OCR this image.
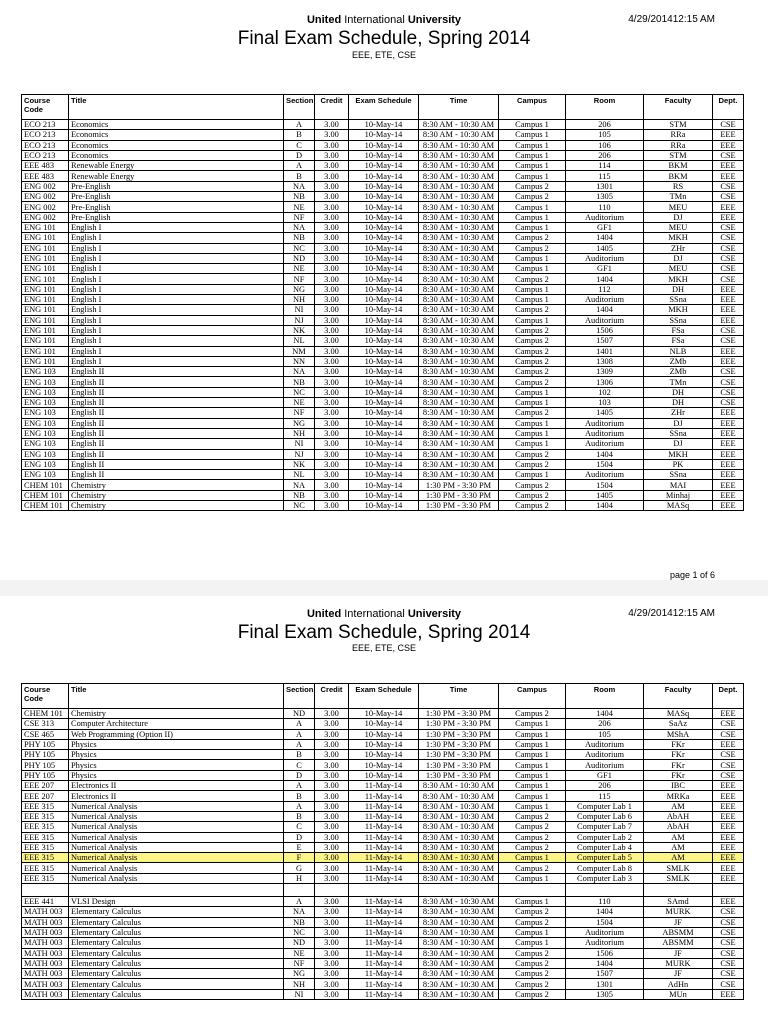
United International University	4/29/201412:15 AM
Final Exam Schedule, Spring 2014
EEE, ETE, CSE
Course Code	Title	Section	Credit	Exam Schedule	Time	Campus	Room	Faculty	Dept.
ECO 213	Economics	A	3.00	10-May-14	8:30 AM - 10:30 AM	Campus 1	206	STM	CSE
ECO 213	Economics	B	3.00	10-May-14	8:30 AM - 10:30 AM	Campus 1	105	RRa	EEE
ECO 213	Economics	C	3.00	10-May-14	8:30 AM - 10:30 AM	Campus 1	106	RRa	EEE
ECO 213	Economics	D	3.00	10-May-14	8:30 AM - 10:30 AM	Campus 1	206	STM	CSE
EEE 483	Renewable Energy	A	3.00	10-May-14	8:30 AM - 10:30 AM	Campus 1	114	BKM	EEE
EEE 483	Renewable Energy	B	3.00	10-May-14	8:30 AM - 10:30 AM	Campus 1	115	BKM	EEE
ENG 002	Pre-English	NA	3.00	10-May-14	8:30 AM - 10:30 AM	Campus 2	1301	RS	CSE
ENG 002	Pre-English	NB	3.00	10-May-14	8:30 AM - 10:30 AM	Campus 2	1305	TMn	CSE
ENG 002	Pre-English	NE	3.00	10-May-14	8:30 AM - 10:30 AM	Campus 1	110	MEU	EEE
ENG 002	Pre-English	NF	3.00	10-May-14	8:30 AM - 10:30 AM	Campus 1	Auditorium	DJ	EEE
ENG 101	English I	NA	3.00	10-May-14	8:30 AM - 10:30 AM	Campus 1	GF1	MEU	CSE
ENG 101	English I	NB	3.00	10-May-14	8:30 AM - 10:30 AM	Campus 2	1404	MKH	CSE
ENG 101	English I	NC	3.00	10-May-14	8:30 AM - 10:30 AM	Campus 2	1405	ZHr	CSE
ENG 101	English I	ND	3.00	10-May-14	8:30 AM - 10:30 AM	Campus 1	Auditorium	DJ	CSE
ENG 101	English I	NE	3.00	10-May-14	8:30 AM - 10:30 AM	Campus 1	GF1	MEU	CSE
ENG 101	English I	NF	3.00	10-May-14	8:30 AM - 10:30 AM	Campus 2	1404	MKH	CSE
ENG 101	English I	NG	3.00	10-May-14	8:30 AM - 10:30 AM	Campus 1	112	DH	EEE
ENG 101	English I	NH	3.00	10-May-14	8:30 AM - 10:30 AM	Campus 1	Auditorium	SSna	EEE
ENG 101	English I	NI	3.00	10-May-14	8:30 AM - 10:30 AM	Campus 2	1404	MKH	EEE
ENG 101	English I	NJ	3.00	10-May-14	8:30 AM - 10:30 AM	Campus 1	Auditorium	SSna	EEE
ENG 101	English I	NK	3.00	10-May-14	8:30 AM - 10:30 AM	Campus 2	1506	FSa	CSE
ENG 101	English I	NL	3.00	10-May-14	8:30 AM - 10:30 AM	Campus 2	1507	FSa	CSE
ENG 101	English I	NM	3.00	10-May-14	8:30 AM - 10:30 AM	Campus 2	1401	NLB	EEE
ENG 101	English I	NN	3.00	10-May-14	8:30 AM - 10:30 AM	Campus 2	1308	ZMb	EEE
ENG 103	English II	NA	3.00	10-May-14	8:30 AM - 10:30 AM	Campus 2	1309	ZMb	CSE
ENG 103	English II	NB	3.00	10-May-14	8:30 AM - 10:30 AM	Campus 2	1306	TMn	CSE
ENG 103	English II	NC	3.00	10-May-14	8:30 AM - 10:30 AM	Campus 1	102	DH	CSE
ENG 103	English II	NE	3.00	10-May-14	8:30 AM - 10:30 AM	Campus 1	103	DH	CSE
ENG 103	English II	NF	3.00	10-May-14	8:30 AM - 10:30 AM	Campus 2	1405	ZHr	EEE
ENG 103	English II	NG	3.00	10-May-14	8:30 AM - 10:30 AM	Campus 1	Auditorium	DJ	EEE
ENG 103	English II	NH	3.00	10-May-14	8:30 AM - 10:30 AM	Campus 1	Auditorium	SSna	EEE
ENG 103	English II	NI	3.00	10-May-14	8:30 AM - 10:30 AM	Campus 1	Auditorium	DJ	EEE
ENG 103	English II	NJ	3.00	10-May-14	8:30 AM - 10:30 AM	Campus 2	1404	MKH	EEE
ENG 103	English II	NK	3.00	10-May-14	8:30 AM - 10:30 AM	Campus 2	1504	PK	EEE
ENG 103	English II	NL	3.00	10-May-14	8:30 AM - 10:30 AM	Campus 1	Auditorium	SSna	EEE
CHEM 101	Chemistry	NA	3.00	10-May-14	1:30 PM - 3:30 PM	Campus 2	1504	MAI	EEE
CHEM 101	Chemistry	NB	3.00	10-May-14	1:30 PM - 3:30 PM	Campus 2	1405	Minhaj	EEE
CHEM 101	Chemistry	NC	3.00	10-May-14	1:30 PM - 3:30 PM	Campus 2	1404	MASq	EEE
page 1 of 6
United International University	4/29/201412:15 AM
Final Exam Schedule, Spring 2014
EEE, ETE, CSE
Course Code	Title	Section	Credit	Exam Schedule	Time	Campus	Room	Faculty	Dept.
CHEM 101	Chemistry	ND	3.00	10-May-14	1:30 PM - 3:30 PM	Campus 2	1404	MASq	EEE
CSE 313	Computer Architecture	A	3.00	10-May-14	1:30 PM - 3:30 PM	Campus 1	206	SaAz	CSE
CSE 465	Web Programming (Option II)	A	3.00	10-May-14	1:30 PM - 3:30 PM	Campus 1	105	MShA	CSE
PHY 105	Physics	A	3.00	10-May-14	1:30 PM - 3:30 PM	Campus 1	Auditorium	FKr	EEE
PHY 105	Physics	B	3.00	10-May-14	1:30 PM - 3:30 PM	Campus 1	Auditorium	FKr	CSE
PHY 105	Physics	C	3.00	10-May-14	1:30 PM - 3:30 PM	Campus 1	Auditorium	FKr	CSE
PHY 105	Physics	D	3.00	10-May-14	1:30 PM - 3:30 PM	Campus 1	GF1	FKr	CSE
EEE 207	Electronics II	A	3.00	11-May-14	8:30 AM - 10:30 AM	Campus 1	206	IBC	EEE
EEE 207	Electronics II	B	3.00	11-May-14	8:30 AM - 10:30 AM	Campus 1	115	MRKa	EEE
EEE 315	Numerical Analysis	A	3.00	11-May-14	8:30 AM - 10:30 AM	Campus 1	Computer Lab 1	AM	EEE
EEE 315	Numerical Analysis	B	3.00	11-May-14	8:30 AM - 10:30 AM	Campus 2	Computer Lab 6	AbAH	EEE
EEE 315	Numerical Analysis	C	3.00	11-May-14	8:30 AM - 10:30 AM	Campus 2	Computer Lab 7	AbAH	EEE
EEE 315	Numerical Analysis	D	3.00	11-May-14	8:30 AM - 10:30 AM	Campus 2	Computer Lab 2	AM	EEE
EEE 315	Numerical Analysis	E	3.00	11-May-14	8:30 AM - 10:30 AM	Campus 2	Computer Lab 4	AM	EEE
EEE 315	Numerical Analysis	F	3.00	11-May-14	8:30 AM - 10:30 AM	Campus 1	Computer Lab 5	AM	EEE
EEE 315	Numerical Analysis	G	3.00	11-May-14	8:30 AM - 10:30 AM	Campus 2	Computer Lab 8	SMLK	EEE
EEE 315	Numerical Analysis	H	3.00	11-May-14	8:30 AM - 10:30 AM	Campus 1	Computer Lab 3	SMLK	EEE

EEE 441	VLSI Design	A	3.00	11-May-14	8:30 AM - 10:30 AM	Campus 1	110	SAmd	EEE
MATH 003	Elementary Calculus	NA	3.00	11-May-14	8:30 AM - 10:30 AM	Campus 2	1404	MURK	CSE
MATH 003	Elementary Calculus	NB	3.00	11-May-14	8:30 AM - 10:30 AM	Campus 2	1504	JF	CSE
MATH 003	Elementary Calculus	NC	3.00	11-May-14	8:30 AM - 10:30 AM	Campus 1	Auditorium	ABSMM	CSE
MATH 003	Elementary Calculus	ND	3.00	11-May-14	8:30 AM - 10:30 AM	Campus 1	Auditorium	ABSMM	CSE
MATH 003	Elementary Calculus	NE	3.00	11-May-14	8:30 AM - 10:30 AM	Campus 2	1506	JF	CSE
MATH 003	Elementary Calculus	NF	3.00	11-May-14	8:30 AM - 10:30 AM	Campus 2	1404	MURK	CSE
MATH 003	Elementary Calculus	NG	3.00	11-May-14	8:30 AM - 10:30 AM	Campus 2	1507	JF	CSE
MATH 003	Elementary Calculus	NH	3.00	11-May-14	8:30 AM - 10:30 AM	Campus 2	1301	AdHn	CSE
MATH 003	Elementary Calculus	NI	3.00	11-May-14	8:30 AM - 10:30 AM	Campus 2	1305	MUn	EEE
